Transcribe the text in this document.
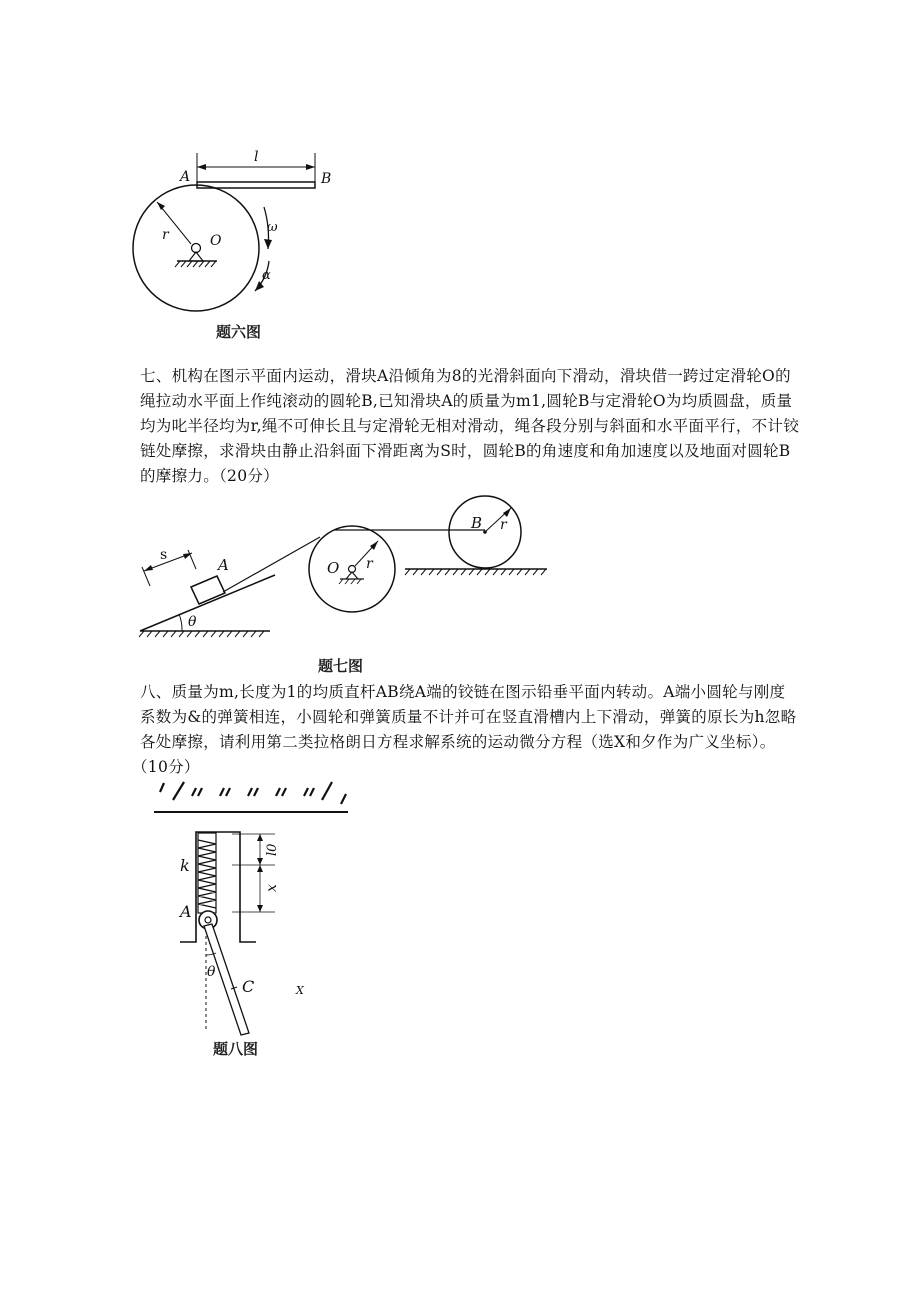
l
A	B
r	O
ω
α
题六图
七、机构在图示平面内运动，滑块A沿倾角为8的光滑斜面向下滑动，滑块借一跨过定滑轮O的
绳拉动水平面上作纯滚动的圆轮B,已知滑块A的质量为m1,圆轮B与定滑轮O为均质圆盘，质量
均为叱半径均为r,绳不可伸长且与定滑轮无相对滑动，绳各段分别与斜面和水平面平行，不计铰
链处摩擦，求滑块由静止沿斜面下滑距离为S时，圆轮B的角速度和角加速度以及地面对圆轮B
的摩擦力。（20分）
θ
A
s
O r
B r
题七图
八、质量为m,长度为1的均质直杆AB绕A端的铰链在图示铅垂平面内转动。A端小圆轮与刚度
系数为&的弹簧相连，小圆轮和弹簧质量不计并可在竖直滑槽内上下滑动，弹簧的原长为h忽略
各处摩擦，请利用第二类拉格朗日方程求解系统的运动微分方程（选X和夕作为广义坐标）。
（10分）
k
A
l0
x
θ
C	X
题八图
